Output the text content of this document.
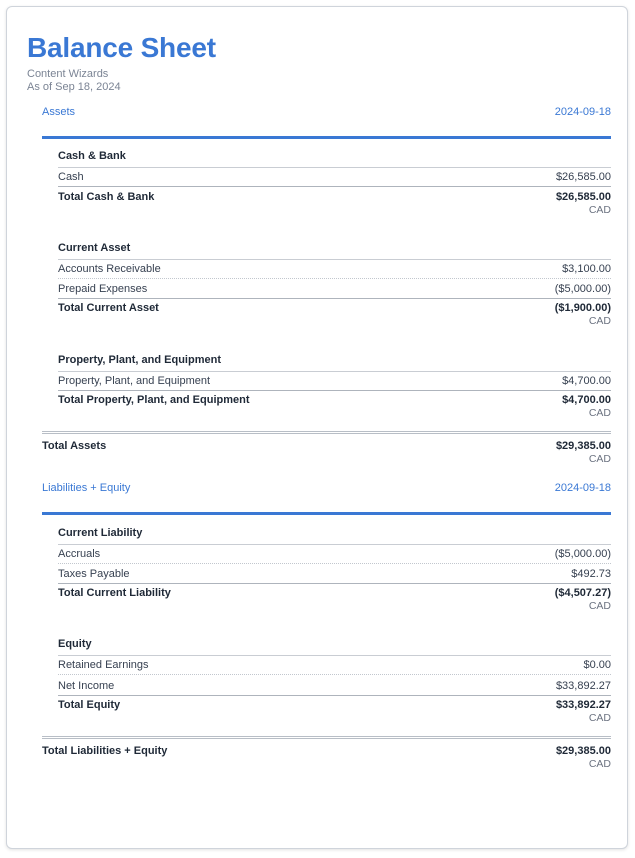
Balance Sheet
Content Wizards
As of Sep 18, 2024
Assets	2024-09-18
Cash & Bank
Cash	$26,585.00
Total Cash & Bank	$26,585.00
CAD
Current Asset
Accounts Receivable	$3,100.00
Prepaid Expenses	($5,000.00)
Total Current Asset	($1,900.00)
CAD
Property, Plant, and Equipment
Property, Plant, and Equipment	$4,700.00
Total Property, Plant, and Equipment	$4,700.00
CAD
Total Assets	$29,385.00
CAD
Liabilities + Equity	2024-09-18
Current Liability
Accruals	($5,000.00)
Taxes Payable	$492.73
Total Current Liability	($4,507.27)
CAD
Equity
Retained Earnings	$0.00
Net Income	$33,892.27
Total Equity	$33,892.27
CAD
Total Liabilities + Equity	$29,385.00
CAD
